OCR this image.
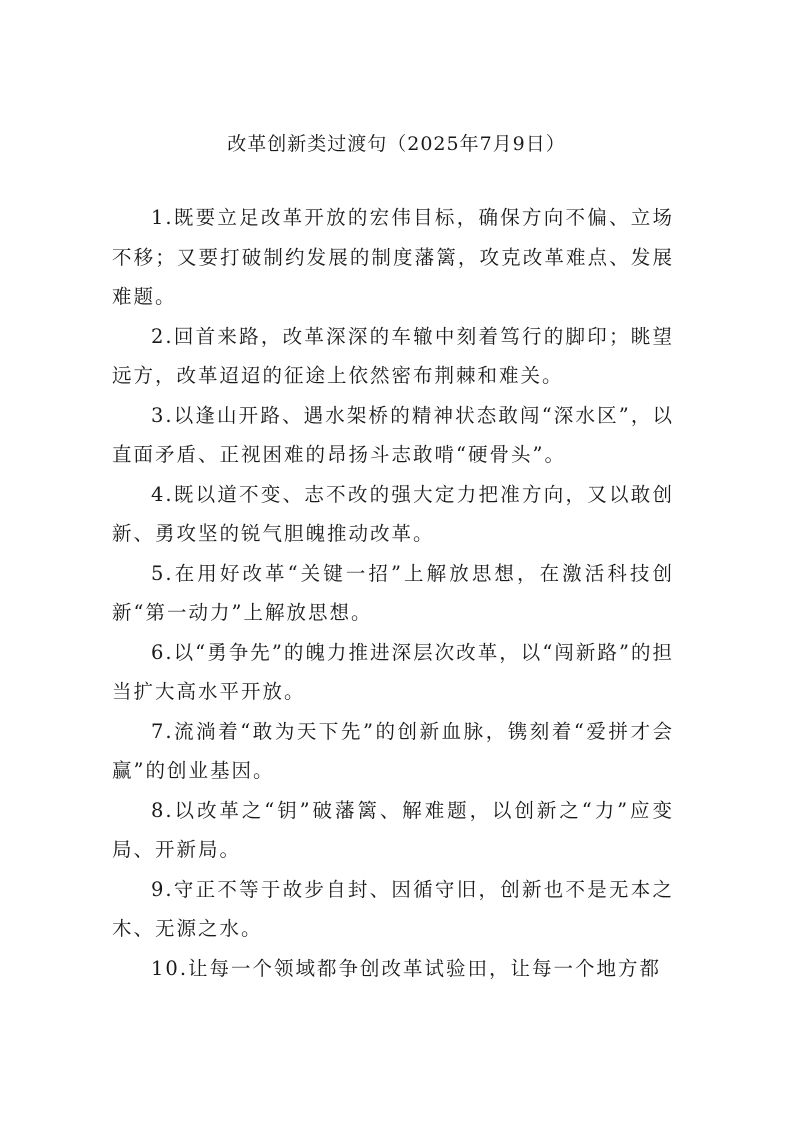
改革创新类过渡句（2025年7月9日）

1.既要立足改革开放的宏伟目标，确保方向不偏、立场不移；又要打破制约发展的制度藩篱，攻克改革难点、发展难题。

2.回首来路，改革深深的车辙中刻着笃行的脚印；眺望远方，改革迢迢的征途上依然密布荆棘和难关。

3.以逢山开路、遇水架桥的精神状态敢闯“深水区”，以直面矛盾、正视困难的昂扬斗志敢啃“硬骨头”。

4.既以道不变、志不改的强大定力把准方向，又以敢创新、勇攻坚的锐气胆魄推动改革。

5.在用好改革“关键一招”上解放思想，在激活科技创新“第一动力”上解放思想。

6.以“勇争先”的魄力推进深层次改革，以“闯新路”的担当扩大高水平开放。

7.流淌着“敢为天下先”的创新血脉，镌刻着“爱拼才会赢”的创业基因。

8.以改革之“钥”破藩篱、解难题，以创新之“力”应变局、开新局。

9.守正不等于故步自封、因循守旧，创新也不是无本之木、无源之水。

10.让每一个领域都争创改革试验田，让每一个地方都
